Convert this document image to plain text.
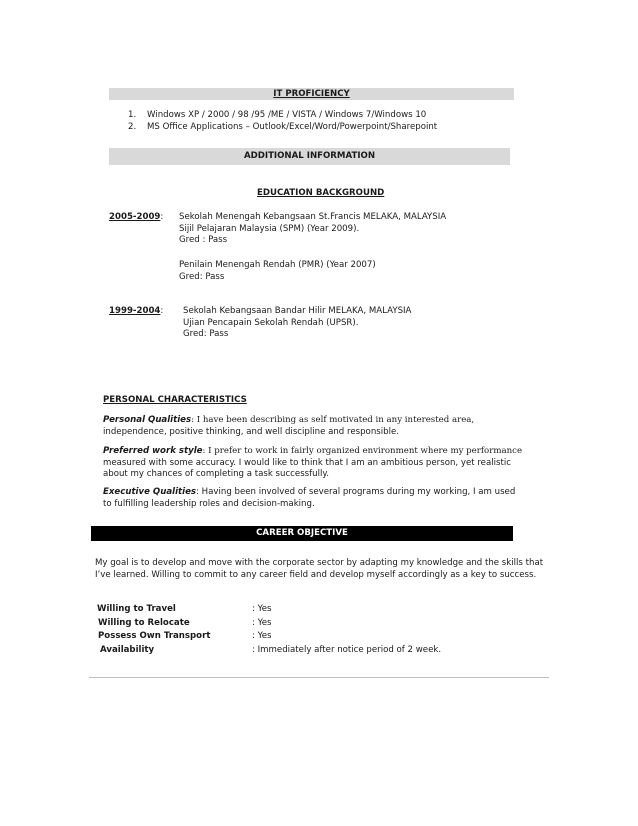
IT PROFICIENCY
1. Windows XP / 2000 / 98 /95 /ME / VISTA / Windows 7/Windows 10
2. MS Office Applications – Outlook/Excel/Word/Powerpoint/Sharepoint
ADDITIONAL INFORMATION
EDUCATION BACKGROUND
2005-2009: Sekolah Menengah Kebangsaan St.Francis MELAKA, MALAYSIA
Sijil Pelajaran Malaysia (SPM) (Year 2009).
Gred : Pass
Penilain Menengah Rendah (PMR) (Year 2007)
Gred: Pass
1999-2004: Sekolah Kebangsaan Bandar Hilir MELAKA, MALAYSIA
Ujian Pencapain Sekolah Rendah (UPSR).
Gred: Pass
PERSONAL CHARACTERISTICS
Personal Qualities: I have been describing as self motivated in any interested area,
independence, positive thinking, and well discipline and responsible.
Preferred work style: I prefer to work in fairly organized environment where my performance
measured with some accuracy. I would like to think that I am an ambitious person, yet realistic
about my chances of completing a task successfully.
Executive Qualities: Having been involved of several programs during my working, I am used
to fulfilling leadership roles and decision-making.
CAREER OBJECTIVE
My goal is to develop and move with the corporate sector by adapting my knowledge and the skills that
I’ve learned. Willing to commit to any career field and develop myself accordingly as a key to success.
Willing to Travel	: Yes
Willing to Relocate	: Yes
Possess Own Transport	: Yes
Availability	: Immediately after notice period of 2 week.
